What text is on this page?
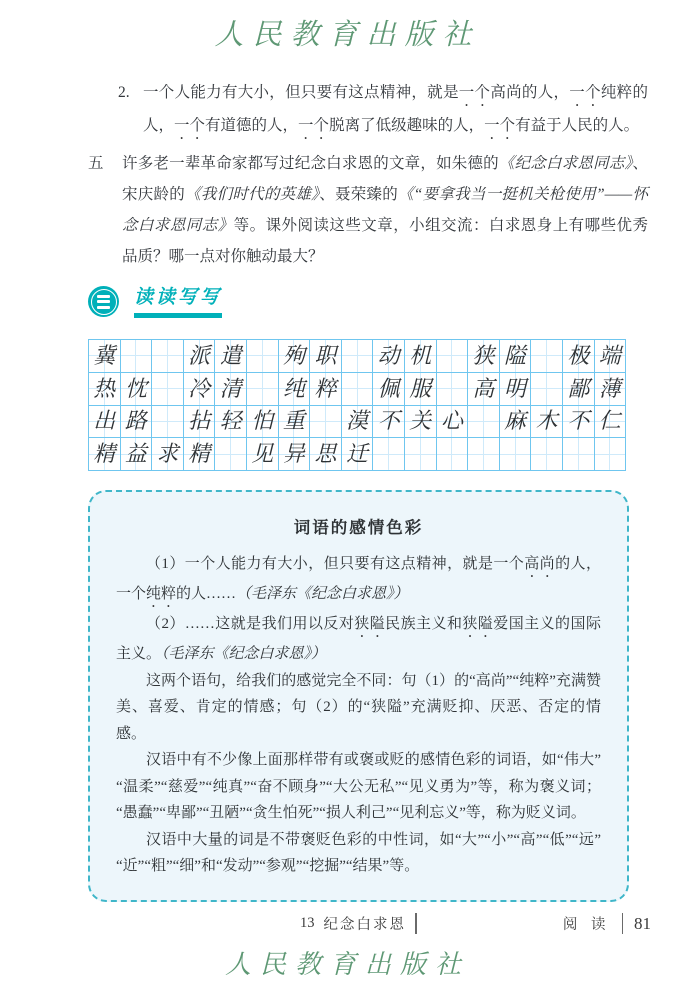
人民教育出版社
2. 一个人能力有大小，但只要有这点精神，就是一个高尚的人，一个纯粹的人，一个有道德的人，一个脱离了低级趣味的人，一个有益于人民的人。
五 许多老一辈革命家都写过纪念白求恩的文章，如朱德的《纪念白求恩同志》、宋庆龄的《我们时代的英雄》、聂荣臻的《“要拿我当一挺机关枪使用”——怀念白求恩同志》等。课外阅读这些文章，小组交流：白求恩身上有哪些优秀品质？哪一点对你触动最大？
读读写写
冀	派 遣 殉 职 动 机 狭 隘 极 端
热 忱 冷 清 纯 粹 佩 服 高 明 鄙 薄
出 路 拈 轻 怕 重 漠 不 关 心 麻 木 不 仁
精 益 求 精 见 异 思 迁
词语的感情色彩

（1）一个人能力有大小，但只要有这点精神，就是一个高尚的人，一个纯粹的人……（毛泽东《纪念白求恩》）

（2）……这就是我们用以反对狭隘民族主义和狭隘爱国主义的国际主义。（毛泽东《纪念白求恩》）

这两个语句，给我们的感觉完全不同：句（1）的“高尚”“纯粹”充满赞美、喜爱、肯定的情感；句（2）的“狭隘”充满贬抑、厌恶、否定的情感。

汉语中有不少像上面那样带有或褒或贬的感情色彩的词语，如“伟大”“温柔”“慈爱”“纯真”“奋不顾身”“大公无私”“见义勇为”等，称为褒义词；“愚蠢”“卑鄙”“丑陋”“贪生怕死”“损人利己”“见利忘义”等，称为贬义词。

汉语中大量的词是不带褒贬色彩的中性词，如“大”“小”“高”“低”“远”“近”“粗”“细”和“发动”“参观”“挖掘”“结果”等。

13 纪念白求恩	阅 读 81
人民教育出版社
